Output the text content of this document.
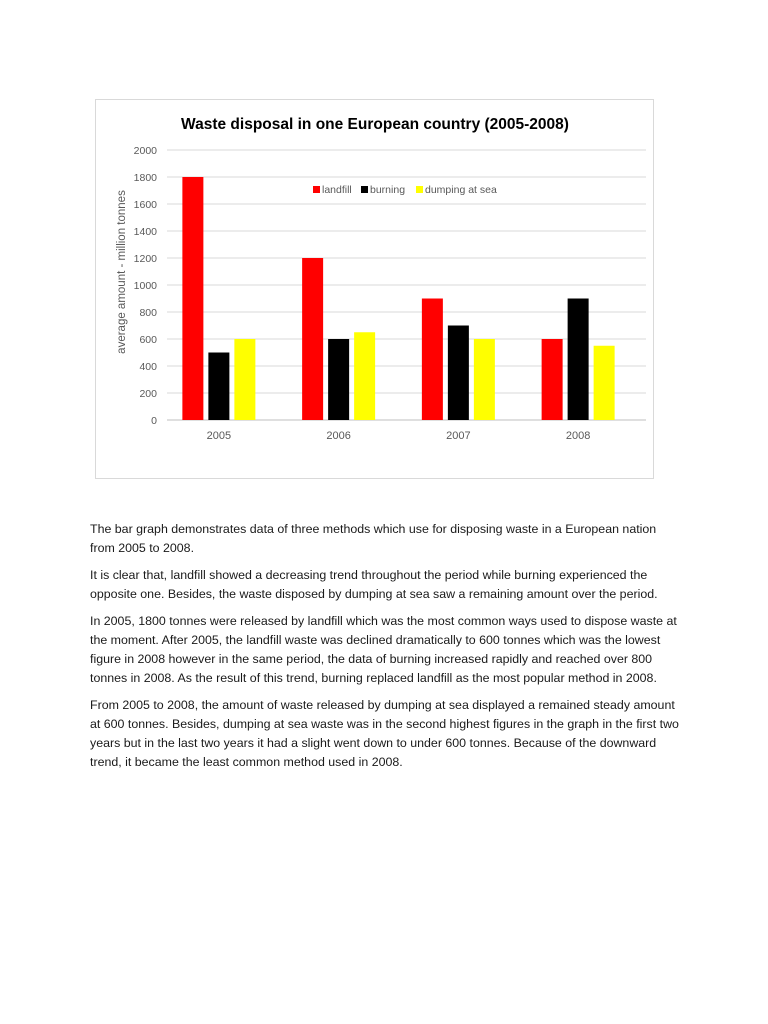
Waste disposal in one European country (2005-2008)
average amount - million tonnes
0
200
400
600
800
1000
1200
1400
1600
1800
2000
2005	2006	2007	2008
landfill burning dumping at sea

The bar graph demonstrates data of three methods which use for disposing waste in a European nation from 2005 to 2008.

It is clear that, landfill showed a decreasing trend throughout the period while burning experienced the opposite one. Besides, the waste disposed by dumping at sea saw a remaining amount over the period.

In 2005, 1800 tonnes were released by landfill which was the most common ways used to dispose waste at the moment. After 2005, the landfill waste was declined dramatically to 600 tonnes which was the lowest figure in 2008 however in the same period, the data of burning increased rapidly and reached over 800 tonnes in 2008. As the result of this trend, burning replaced landfill as the most popular method in 2008.

From 2005 to 2008, the amount of waste released by dumping at sea displayed a remained steady amount at 600 tonnes. Besides, dumping at sea waste was in the second highest figures in the graph in the first two years but in the last two years it had a slight went down to under 600 tonnes. Because of the downward trend, it became the least common method used in 2008.
